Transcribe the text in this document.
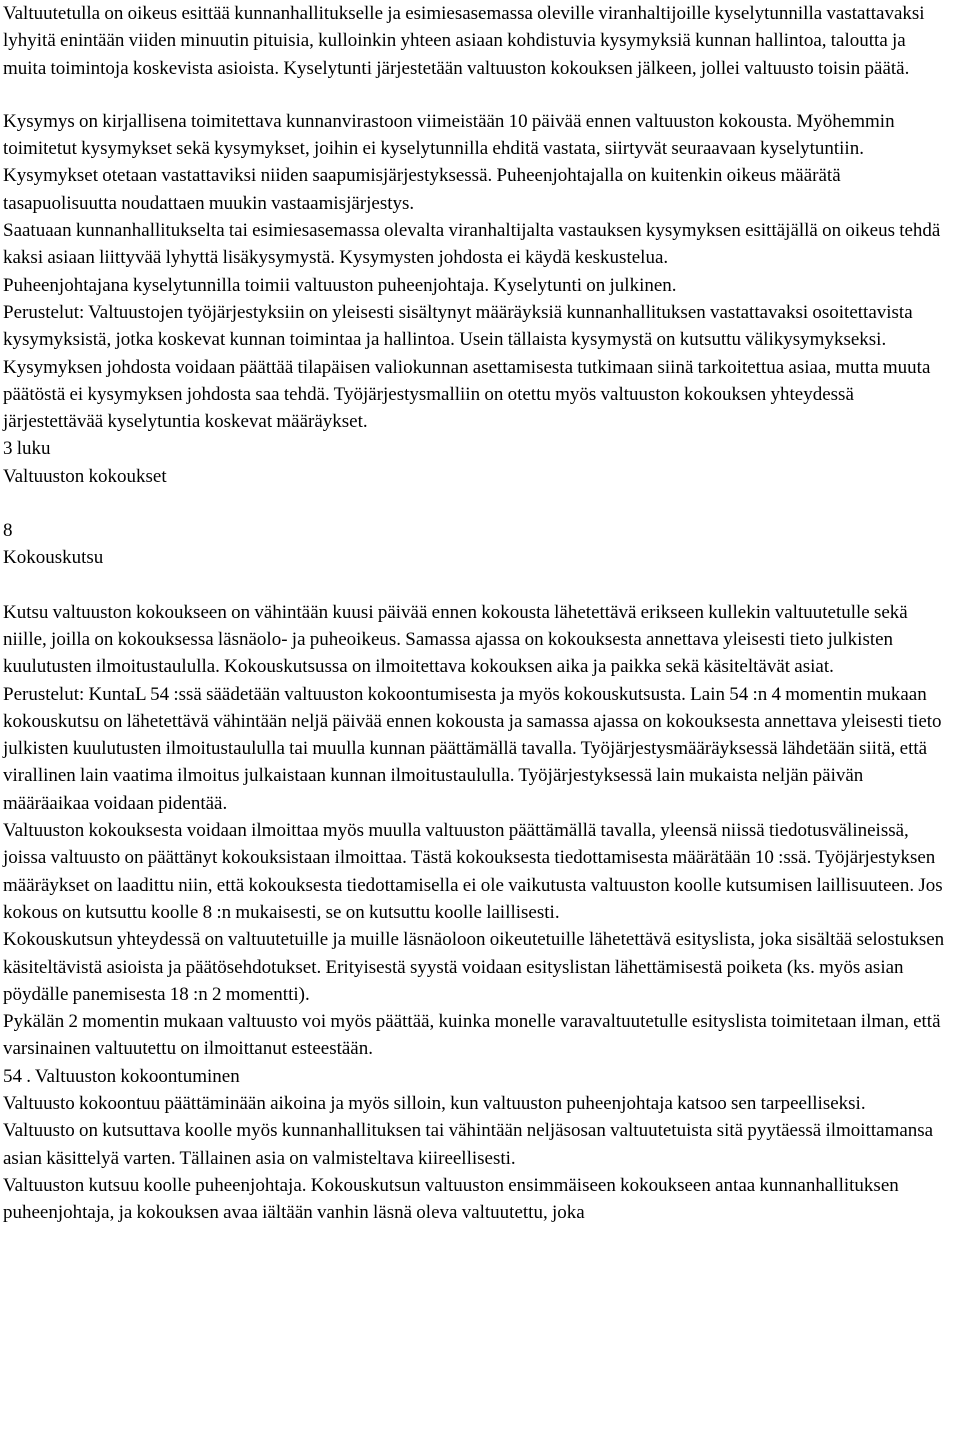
Valtuutetulla on oikeus esittää kunnanhallitukselle ja esimiesasemassa oleville viranhaltijoille kyselytunnilla vastattavaksi lyhyitä enintään viiden minuutin pituisia, kulloinkin yhteen asiaan kohdistuvia kysymyksiä kunnan hallintoa, taloutta ja muita toimintoja koskevista asioista. Kyselytunti järjestetään valtuuston kokouksen jälkeen, jollei valtuusto toisin päätä.

Kysymys on kirjallisena toimitettava kunnanvirastoon viimeistään 10 päivää ennen valtuuston kokousta. Myöhemmin toimitetut kysymykset sekä kysymykset, joihin ei kyselytunnilla ehditä vastata, siirtyvät seuraavaan kyselytuntiin. Kysymykset otetaan vastattaviksi niiden saapumisjärjestyksessä. Puheenjohtajalla on kuitenkin oikeus määrätä tasapuolisuutta noudattaen muukin vastaamisjärjestys.

Saatuaan kunnanhallitukselta tai esimiesasemassa olevalta viranhaltijalta vastauksen kysymyksen esittäjällä on oikeus tehdä kaksi asiaan liittyvää lyhyttä lisäkysymystä. Kysymysten johdosta ei käydä keskustelua.

Puheenjohtajana kyselytunnilla toimii valtuuston puheenjohtaja. Kyselytunti on julkinen.

Perustelut: Valtuustojen työjärjestyksiin on yleisesti sisältynyt määräyksiä kunnanhallituksen vastattavaksi osoitettavista kysymyksistä, jotka koskevat kunnan toimintaa ja hallintoa. Usein tällaista kysymystä on kutsuttu välikysymykseksi. Kysymyksen johdosta voidaan päättää tilapäisen valiokunnan asettamisesta tutkimaan siinä tarkoitettua asiaa, mutta muuta päätöstä ei kysymyksen johdosta saa tehdä. Työjärjestysmalliin on otettu myös valtuuston kokouksen yhteydessä järjestettävää kyselytuntia koskevat määräykset.

3 luku

Valtuuston kokoukset

8

Kokouskutsu

Kutsu valtuuston kokoukseen on vähintään kuusi päivää ennen kokousta lähetettävä erikseen kullekin valtuutetulle sekä niille, joilla on kokouksessa läsnäolo- ja puheoikeus. Samassa ajassa on kokouksesta annettava yleisesti tieto julkisten kuulutusten ilmoitustaululla. Kokouskutsussa on ilmoitettava kokouksen aika ja paikka sekä käsiteltävät asiat.

Perustelut: KuntaL 54 :ssä säädetään valtuuston kokoontumisesta ja myös kokouskutsusta. Lain 54 :n 4 momentin mukaan kokouskutsu on lähetettävä vähintään neljä päivää ennen kokousta ja samassa ajassa on kokouksesta annettava yleisesti tieto julkisten kuulutusten ilmoitustaululla tai muulla kunnan päättämällä tavalla. Työjärjestysmääräyksessä lähdetään siitä, että virallinen lain vaatima ilmoitus julkaistaan kunnan ilmoitustaululla. Työjärjestyksessä lain mukaista neljän päivän määräaikaa voidaan pidentää.

Valtuuston kokouksesta voidaan ilmoittaa myös muulla valtuuston päättämällä tavalla, yleensä niissä tiedotusvälineissä, joissa valtuusto on päättänyt kokouksistaan ilmoittaa. Tästä kokouksesta tiedottamisesta määrätään 10 :ssä. Työjärjestyksen määräykset on laadittu niin, että kokouksesta tiedottamisella ei ole vaikutusta valtuuston koolle kutsumisen laillisuuteen. Jos kokous on kutsuttu koolle 8 :n mukaisesti, se on kutsuttu koolle laillisesti.

Kokouskutsun yhteydessä on valtuutetuille ja muille läsnäoloon oikeutetuille lähetettävä esityslista, joka sisältää selostuksen käsiteltävistä asioista ja päätösehdotukset. Erityisestä syystä voidaan esityslistan lähettämisestä poiketa (ks. myös asian pöydälle panemisesta 18 :n 2 momentti).

Pykälän 2 momentin mukaan valtuusto voi myös päättää, kuinka monelle varavaltuutetulle esityslista toimitetaan ilman, että varsinainen valtuutettu on ilmoittanut esteestään.

54 . Valtuuston kokoontuminen

Valtuusto kokoontuu päättäminään aikoina ja myös silloin, kun valtuuston puheenjohtaja katsoo sen tarpeelliseksi.

Valtuusto on kutsuttava koolle myös kunnanhallituksen tai vähintään neljäsosan valtuutetuista sitä pyytäessä ilmoittamansa asian käsittelyä varten. Tällainen asia on valmisteltava kiireellisesti.

Valtuuston kutsuu koolle puheenjohtaja. Kokouskutsun valtuuston ensimmäiseen kokoukseen antaa kunnanhallituksen puheenjohtaja, ja kokouksen avaa iältään vanhin läsnä oleva valtuutettu, joka
